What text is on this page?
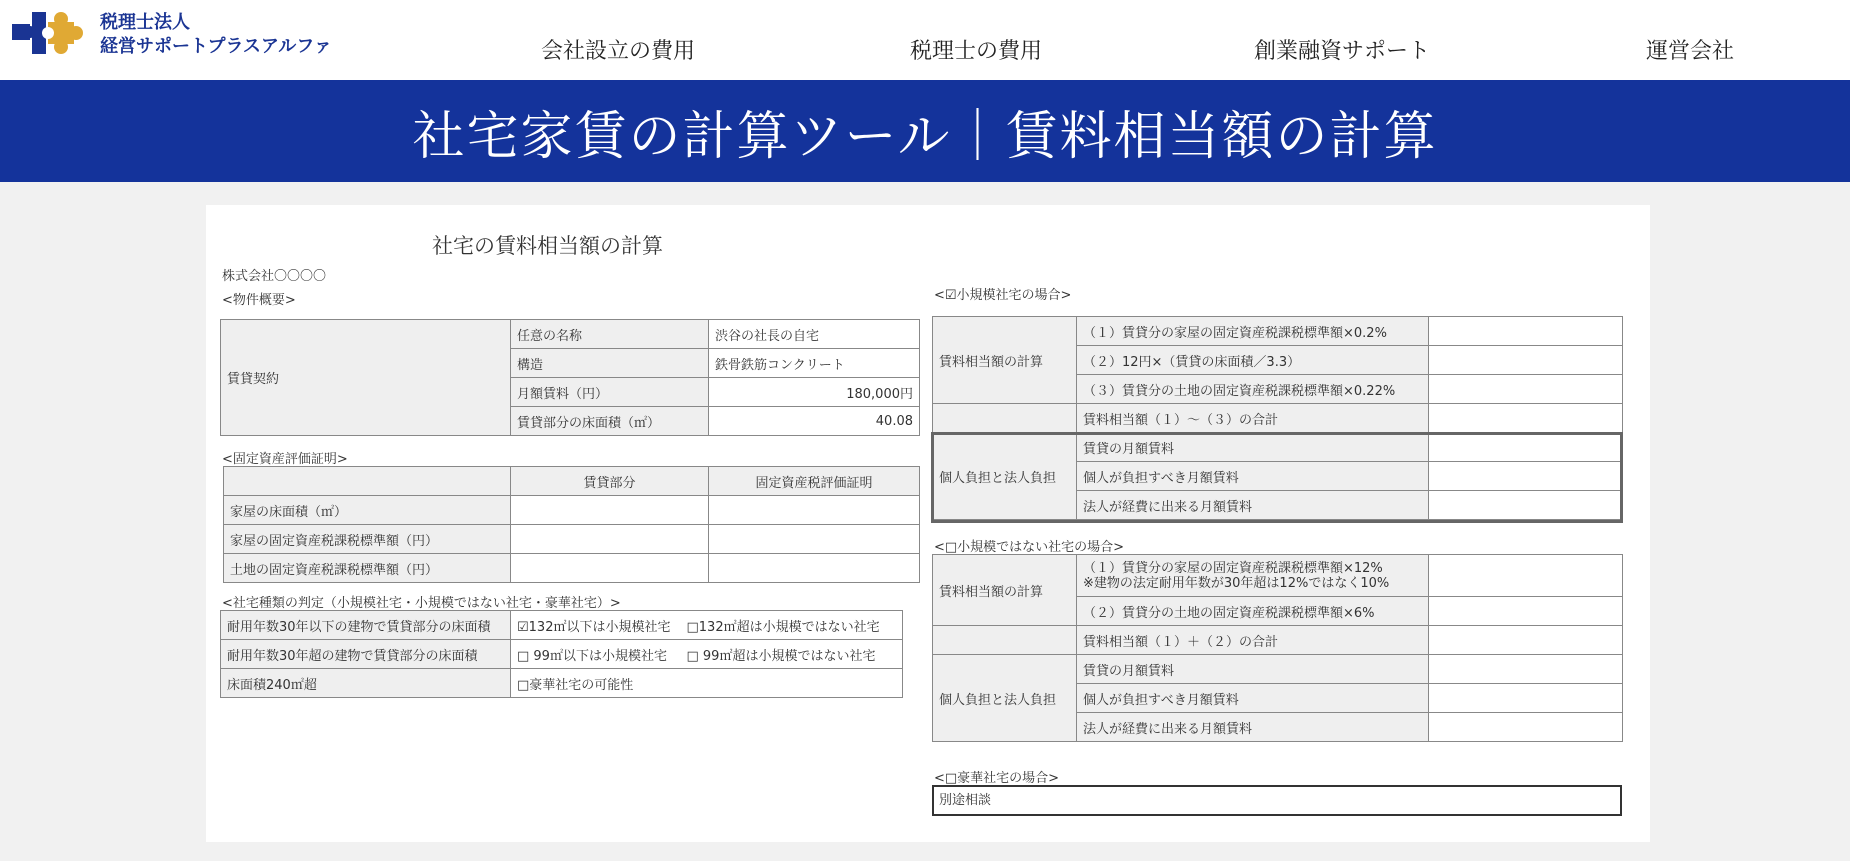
税理士法人
経営サポートプラスアルファ	会社設立の費用	税理士の費用	創業融資サポート	運営会社
社宅家賃の計算ツール｜賃料相当額の計算
社宅の賃料相当額の計算
株式会社〇〇〇〇
<物件概要>
賃貸契約	任意の名称	渋谷の社長の自宅
	構造	鉄骨鉄筋コンクリート
	月額賃料（円）	180,000円
	賃貸部分の床面積（㎡）	40.08
<固定資産評価証明>
	賃貸部分	固定資産税評価証明
家屋の床面積（㎡）		
家屋の固定資産税課税標準額（円）		
土地の固定資産税課税標準額（円）		
<社宅種類の判定（小規模社宅・小規模ではない社宅・豪華社宅）>
耐用年数30年以下の建物で賃貸部分の床面積	☑132㎡以下は小規模社宅	□132㎡超は小規模ではない社宅
耐用年数30年超の建物で賃貸部分の床面積	□ 99㎡以下は小規模社宅	□ 99㎡超は小規模ではない社宅
床面積240㎡超	□豪華社宅の可能性	
<☑小規模社宅の場合>
賃料相当額の計算	（１）賃貸分の家屋の固定資産税課税標準額×0.2%	
	（２）12円×（賃貸の床面積／3.3）	
	（３）賃貸分の土地の固定資産税課税標準額×0.22%	
	賃料相当額（１）～（３）の合計	
個人負担と法人負担	賃貸の月額賃料	
	個人が負担すべき月額賃料	
	法人が経費に出来る月額賃料	
<□小規模ではない社宅の場合>
賃料相当額の計算	（１）賃貸分の家屋の固定資産税課税標準額×12%
※建物の法定耐用年数が30年超は12%ではなく10%	

	（２）賃貸分の土地の固定資産税課税標準額×6%	
	賃料相当額（１）＋（２）の合計	
個人負担と法人負担	賃貸の月額賃料	
	個人が負担すべき月額賃料	
	法人が経費に出来る月額賃料	
<□豪華社宅の場合>
別途相談
